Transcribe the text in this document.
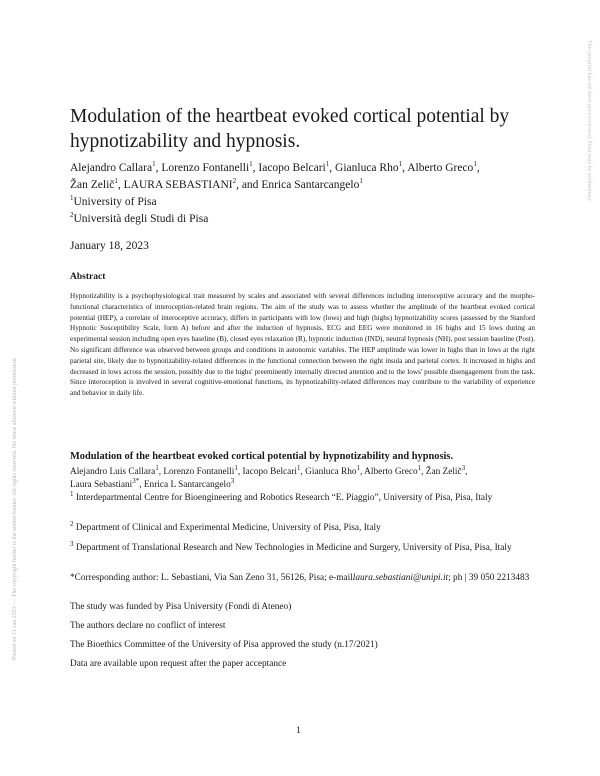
Posted on 11 Jan 2023 — The copyright holder is the author/funder. All rights reserved. No reuse allowed without permission.
This preprint has not been peer reviewed. Data may be preliminary.
Modulation of the heartbeat evoked cortical potential by hypnotizability and hypnosis.
Alejandro Callara$^1$, Lorenzo Fontanelli$^1$, Iacopo Belcari$^1$, Gianluca Rho$^1$, Alberto Greco$^1$,
Žan Zelič$^1$, LAURA SEBASTIANI$^2$, and Enrica Santarcangelo$^1$
$^1$University of Pisa
$^2$Università degli Studi di Pisa
January 18, 2023
Abstract
Hypnotizability is a psychophysiological trait measured by scales and associated with several differences including interoceptive accuracy and the morpho-functional characteristics of interoception-related brain regions. The aim of the study was to assess whether the amplitude of the heartbeat evoked cortical potential (HEP), a correlate of interoceptive accuracy, differs in participants with low (lows) and high (highs) hypnotizability scores (assessed by the Stanford Hypnotic Susceptibility Scale, form A) before and after the induction of hypnosis. ECG and EEG were monitored in 16 highs and 15 lows during an experimental session including open eyes baseline (B), closed eyes relaxation (R), hypnotic induction (IND), neutral hypnosis (NH), post session baseline (Post). No significant difference was observed between groups and conditions in autonomic variables. The HEP amplitude was lower in highs than in lows at the right parietal site, likely due to hypnotizability-related differences in the functional connection between the right insula and parietal cortex. It increased in highs and decreased in lows across the session, possibly due to the highs' preeminently internally directed attention and to the lows' possible disengagement from the task. Since interoception is involved in several cognitive-emotional functions, its hypnotizability-related differences may contribute to the variability of experience and behavior in daily life.
Modulation of the heartbeat evoked cortical potential by hypnotizability and hypnosis.
Alejandro Luis Callara$^1$, Lorenzo Fontanelli$^1$, Iacopo Belcari$^1$, Gianluca Rho$^1$, Alberto Greco$^1$, Žan Zelič$^3$,
Laura Sebastiani$^{3*}$, Enrica L Santarcangelo$^3$
$^1$ Interdepartmental Centre for Bioengineering and Robotics Research “E. Piaggio”, University of Pisa, Pisa, Italy
$^2$ Department of Clinical and Experimental Medicine, University of Pisa, Pisa, Italy
$^3$ Department of Translational Research and New Technologies in Medicine and Surgery, University of Pisa, Pisa, Italy
*Corresponding author: L. Sebastiani, Via San Zeno 31, 56126, Pisa; e-maillaura.sebastiani@unipi.it; ph | 39 050 2213483
The study was funded by Pisa University (Fondi di Ateneo)
The authors declare no conflict of interest
The Bioethics Committee of the University of Pisa approved the study (n.17/2021)
Data are available upon request after the paper acceptance
1
